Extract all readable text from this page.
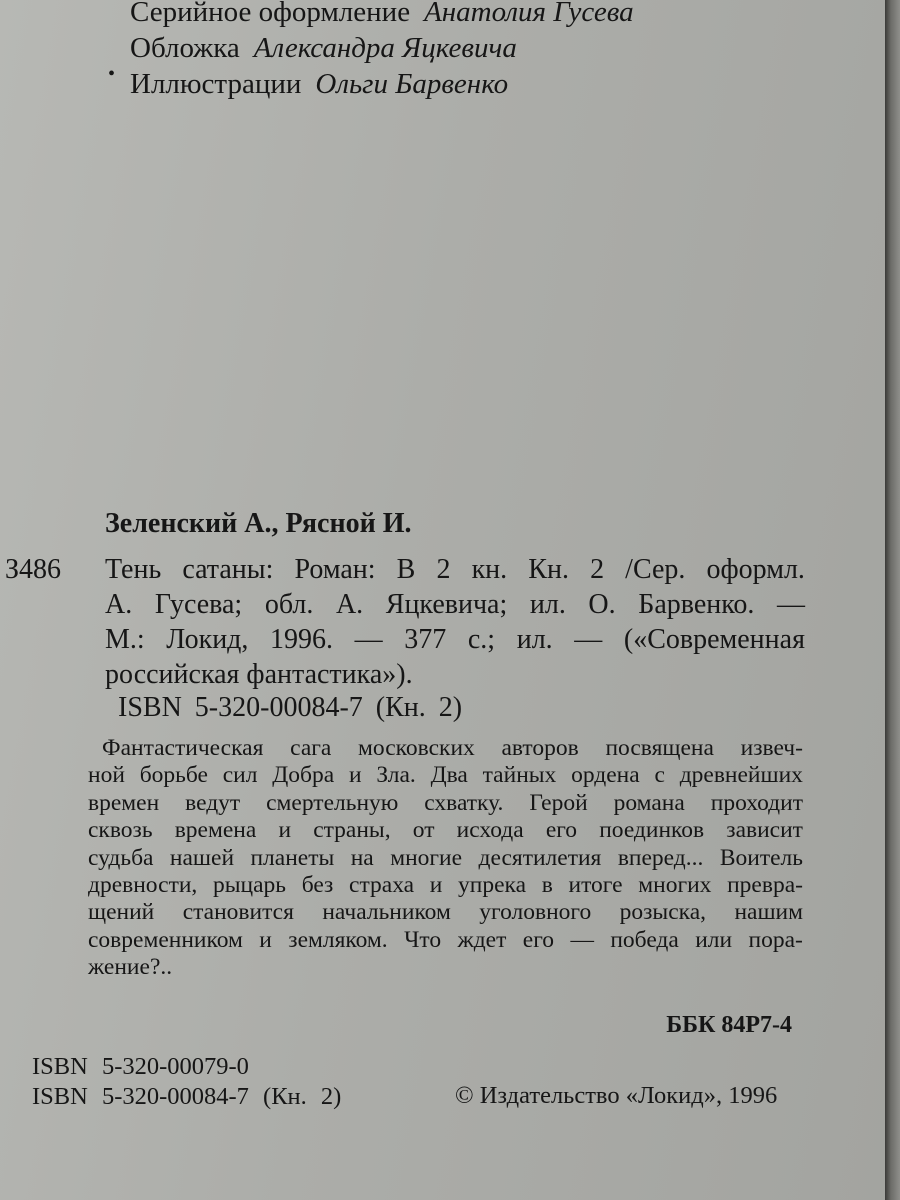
•
Серийное оформление Анатолия Гусева
Обложка Александра Яцкевича
Иллюстрации Ольги Барвенко
Зеленский А., Рясной И.
З486 Тень сатаны: Роман: В 2 кн. Кн. 2 /Сер. оформл.
А. Гусева; обл. А. Яцкевича; ил. О. Барвенко. —
М.: Локид, 1996. — 377 с.; ил. — («Современная
российская фантастика»).
ISBN 5-320-00084-7 (Кн. 2)
Фантастическая сага московских авторов посвящена извеч-
ной борьбе сил Добра и Зла. Два тайных ордена с древнейших
времен ведут смертельную схватку. Герой романа проходит
сквозь времена и страны, от исхода его поединков зависит
судьба нашей планеты на многие десятилетия вперед... Воитель
древности, рыцарь без страха и упрека в итоге многих превра-
щений становится начальником уголовного розыска, нашим
современником и земляком. Что ждет его — победа или пора-
жение?..
ББК 84Р7-4
ISBN 5-320-00079-0
ISBN 5-320-00084-7 (Кн. 2)	© Издательство «Локид», 1996
